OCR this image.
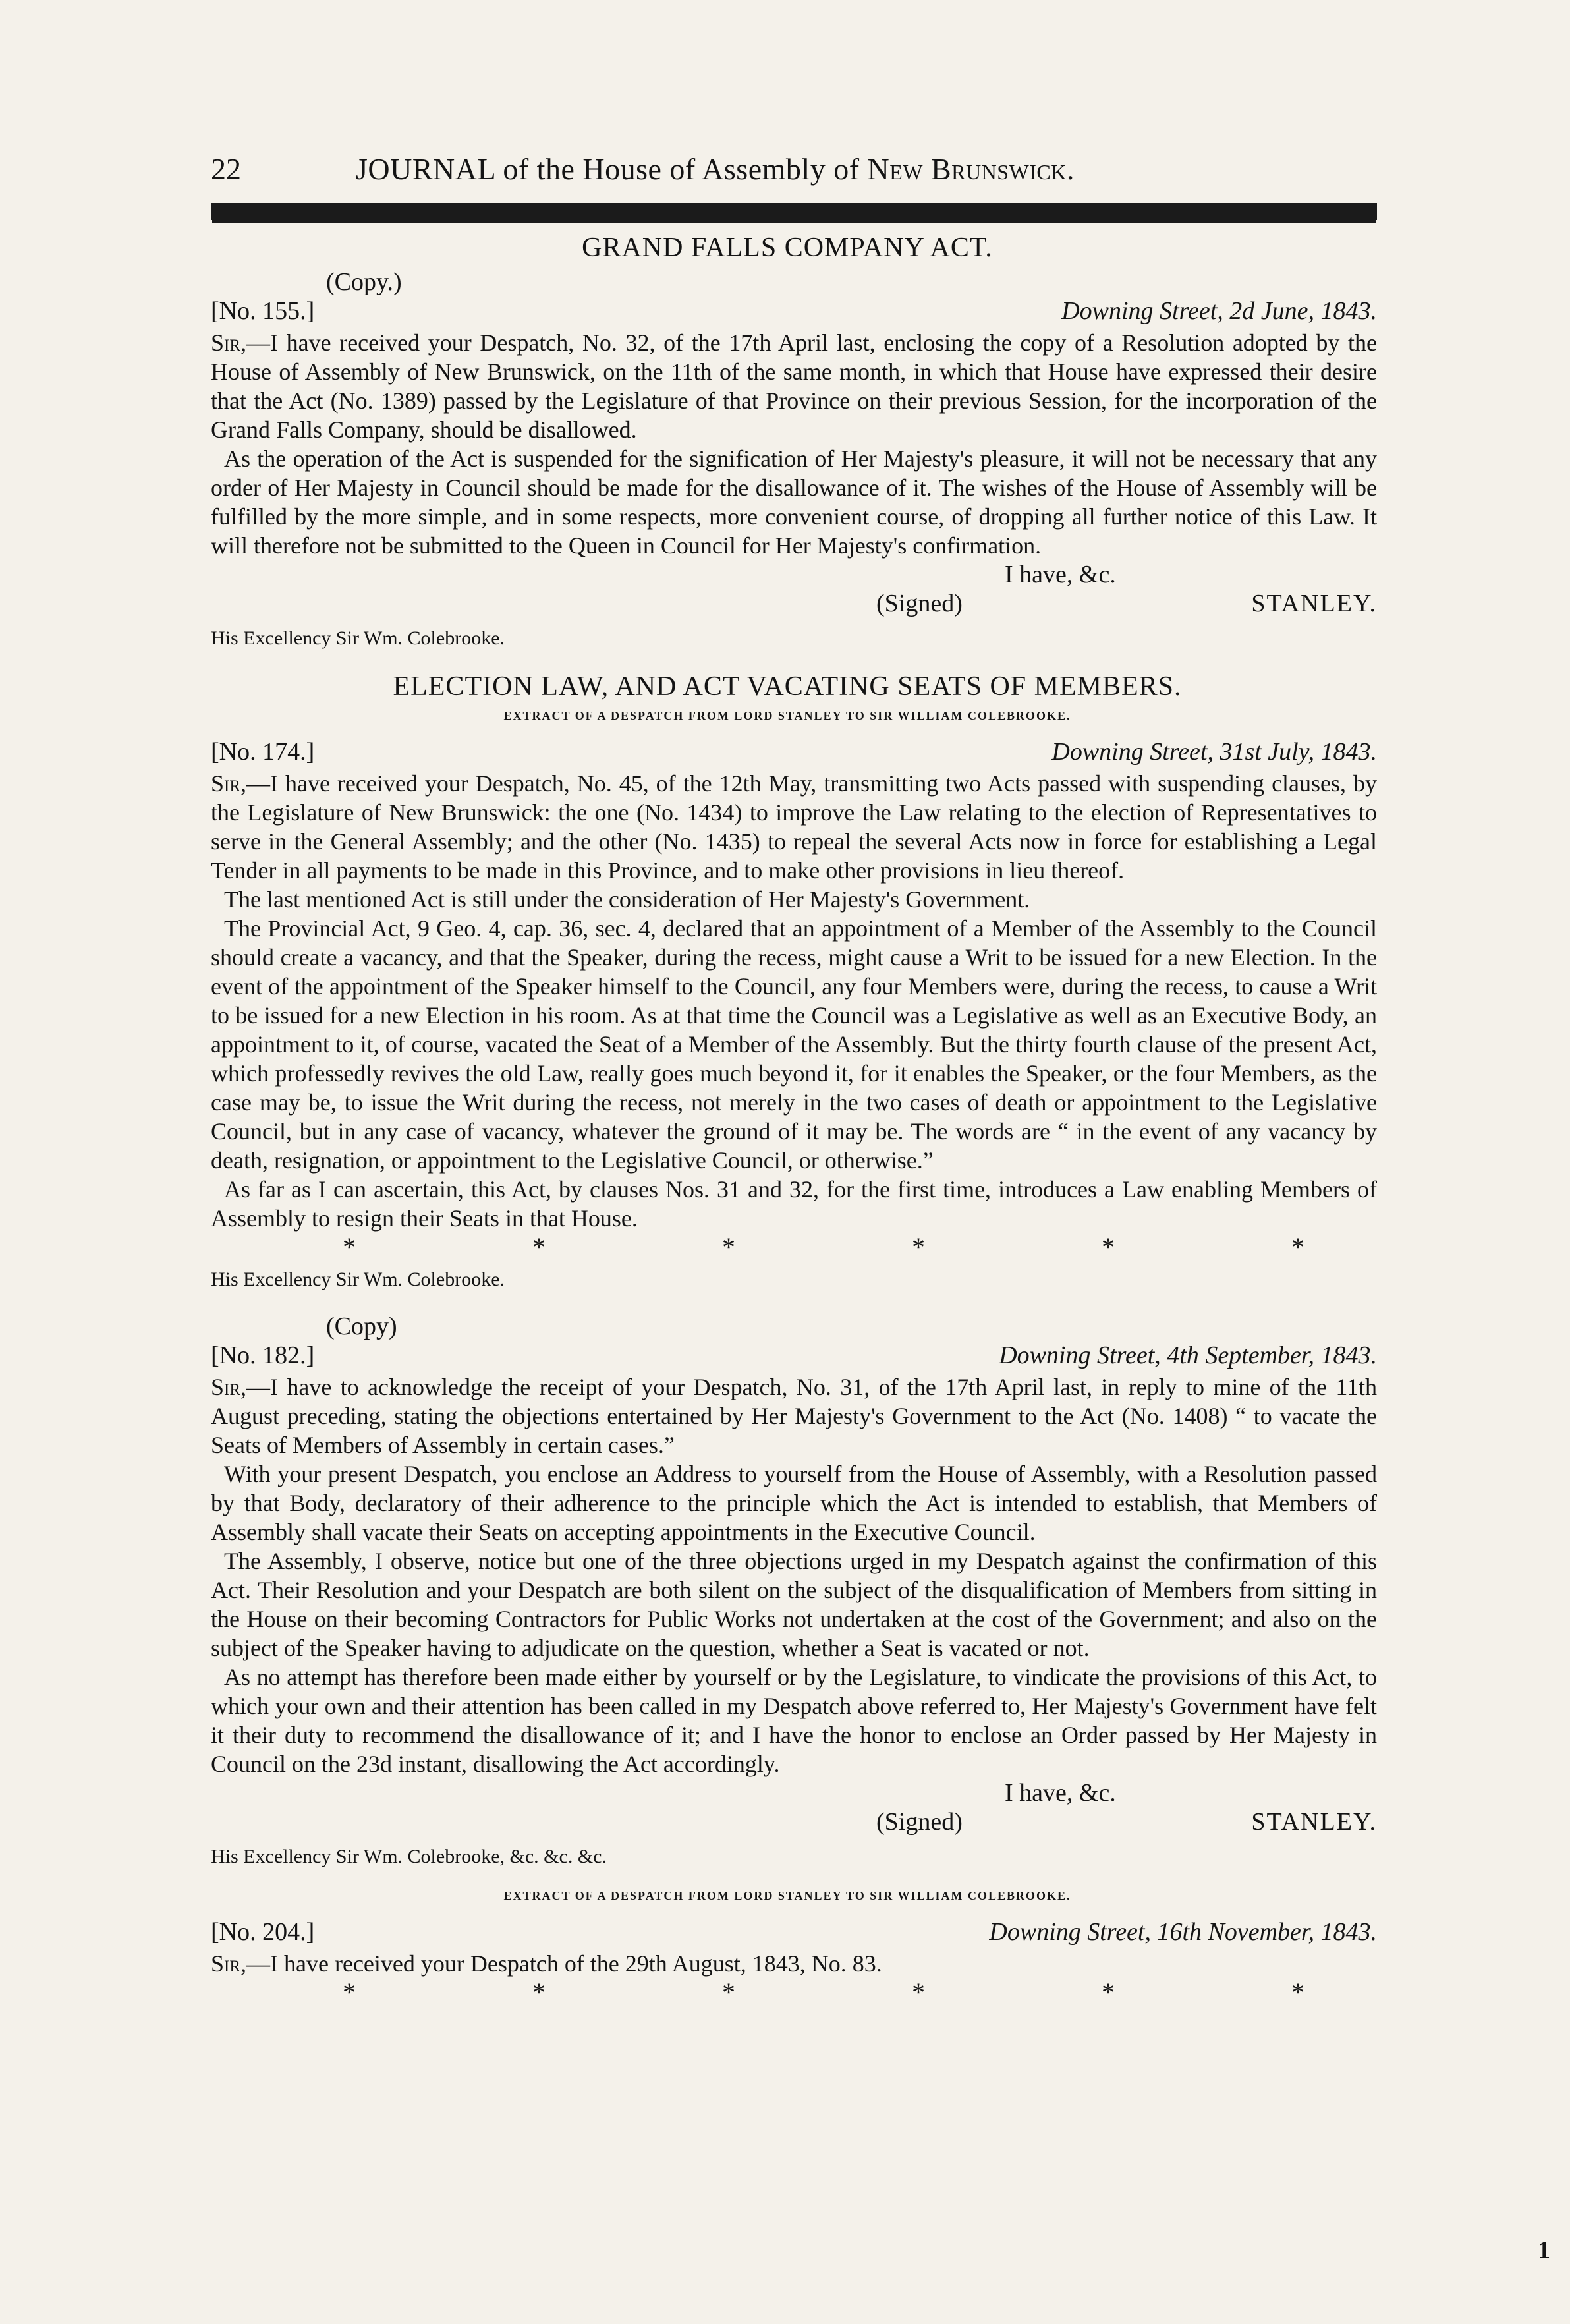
22	JOURNAL of the House of Assembly of New Brunswick.
GRAND FALLS COMPANY ACT.
(Copy.)
[No. 155.]	Downing Street, 2d June, 1843.

Sir,—I have received your Despatch, No. 32, of the 17th April last, enclosing the copy of a Resolution adopted by the House of Assembly of New Brunswick, on the 11th of the same month, in which that House have expressed their desire that the Act (No. 1389) passed by the Legislature of that Province on their previous Session, for the incorporation of the Grand Falls Company, should be disallowed.

As the operation of the Act is suspended for the signification of Her Majesty's pleasure, it will not be necessary that any order of Her Majesty in Council should be made for the disallowance of it. The wishes of the House of Assembly will be fulfilled by the more simple, and in some respects, more convenient course, of dropping all further notice of this Law. It will therefore not be submitted to the Queen in Council for Her Majesty's confirmation.

I have, &c.
(Signed)	STANLEY.
His Excellency Sir Wm. Colebrooke.
ELECTION LAW, AND ACT VACATING SEATS OF MEMBERS.
EXTRACT OF A DESPATCH FROM LORD STANLEY TO SIR WILLIAM COLEBROOKE.
[No. 174.]	Downing Street, 31st July, 1843.

Sir,—I have received your Despatch, No. 45, of the 12th May, transmitting two Acts passed with suspending clauses, by the Legislature of New Brunswick: the one (No. 1434) to improve the Law relating to the election of Representatives to serve in the General Assembly; and the other (No. 1435) to repeal the several Acts now in force for establishing a Legal Tender in all payments to be made in this Province, and to make other provisions in lieu thereof.

The last mentioned Act is still under the consideration of Her Majesty's Government.

The Provincial Act, 9 Geo. 4, cap. 36, sec. 4, declared that an appointment of a Member of the Assembly to the Council should create a vacancy, and that the Speaker, during the recess, might cause a Writ to be issued for a new Election. In the event of the appointment of the Speaker himself to the Council, any four Members were, during the recess, to cause a Writ to be issued for a new Election in his room. As at that time the Council was a Legislative as well as an Executive Body, an appointment to it, of course, vacated the Seat of a Member of the Assembly. But the thirty fourth clause of the present Act, which professedly revives the old Law, really goes much beyond it, for it enables the Speaker, or the four Members, as the case may be, to issue the Writ during the recess, not merely in the two cases of death or appointment to the Legislative Council, but in any case of vacancy, whatever the ground of it may be. The words are “ in the event of any vacancy by death, resignation, or appointment to the Legislative Council, or otherwise.”

As far as I can ascertain, this Act, by clauses Nos. 31 and 32, for the first time, introduces a Law enabling Members of Assembly to resign their Seats in that House.

*	*	*	*	*	*
His Excellency Sir Wm. Colebrooke.
(Copy)
[No. 182.]	Downing Street, 4th September, 1843.

Sir,—I have to acknowledge the receipt of your Despatch, No. 31, of the 17th April last, in reply to mine of the 11th August preceding, stating the objections entertained by Her Majesty's Government to the Act (No. 1408) “ to vacate the Seats of Members of Assembly in certain cases.”

With your present Despatch, you enclose an Address to yourself from the House of Assembly, with a Resolution passed by that Body, declaratory of their adherence to the principle which the Act is intended to establish, that Members of Assembly shall vacate their Seats on accepting appointments in the Executive Council.

The Assembly, I observe, notice but one of the three objections urged in my Despatch against the confirmation of this Act. Their Resolution and your Despatch are both silent on the subject of the disqualification of Members from sitting in the House on their becoming Contractors for Public Works not undertaken at the cost of the Government; and also on the subject of the Speaker having to adjudicate on the question, whether a Seat is vacated or not.

As no attempt has therefore been made either by yourself or by the Legislature, to vindicate the provisions of this Act, to which your own and their attention has been called in my Despatch above referred to, Her Majesty's Government have felt it their duty to recommend the disallowance of it; and I have the honor to enclose an Order passed by Her Majesty in Council on the 23d instant, disallowing the Act accordingly.

I have, &c.
(Signed)	STANLEY.
His Excellency Sir Wm. Colebrooke, &c. &c. &c.
EXTRACT OF A DESPATCH FROM LORD STANLEY TO SIR WILLIAM COLEBROOKE.
[No. 204.]	Downing Street, 16th November, 1843.

Sir,—I have received your Despatch of the 29th August, 1843, No. 83.

*	*	*	*	*	*
1
